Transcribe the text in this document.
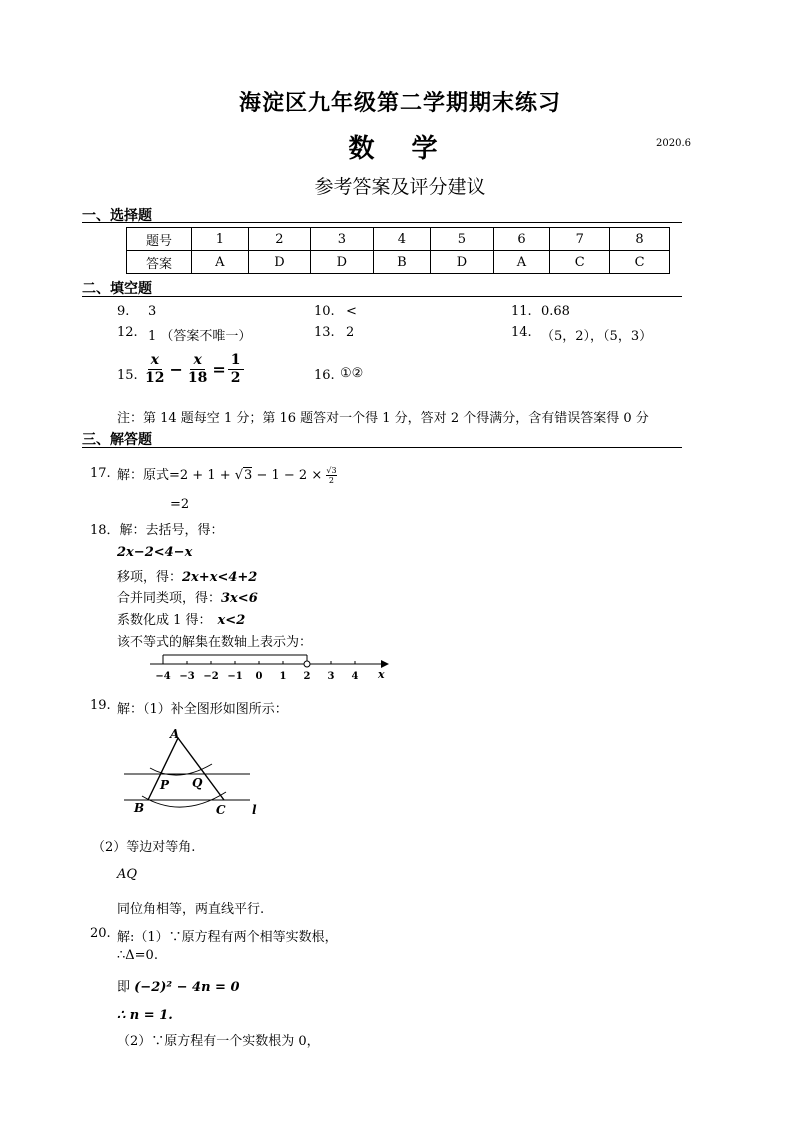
海淀区九年级第二学期期末练习
数 学	2020.6
参考答案及评分建议
一、选择题
题号	1	2	3	4	5	6	7	8
答案	A	D	D	B	D	A	C	C
二、填空题
9. 3	10. <	11. 0.68
12. 1 （答案不唯一）	13. 2	14. （5，2），（5，3）
15. $\frac{x}{12} - \frac{x}{18} = \frac{1}{2}$	16. ①②
注：第 14 题每空 1 分；第 16 题答对一个得 1 分，答对 2 个得满分，含有错误答案得 0 分
三、解答题
17. 解：原式$=2 + 1 + √3 - 1 - 2 \times \frac{√3}{2}$
=2
18．解：去括号，得：
2x−2<4−x
移项，得：2x+x<4+2
合并同类项，得：3x<6
系数化成 1 得： x<2
该不等式的解集在数轴上表示为：
−4 −3 −2 −1 0 1 2 3 4 x
19. 解：（1）补全图形如图所示：
A
P Q
B	C l
（2）等边对等角.
AQ
同位角相等，两直线平行.
20. 解:（1）∵原方程有两个相等实数根，
∴Δ=0.
即 (−2)² − 4n = 0
∴ n = 1.
（2）∵原方程有一个实数根为 0，
